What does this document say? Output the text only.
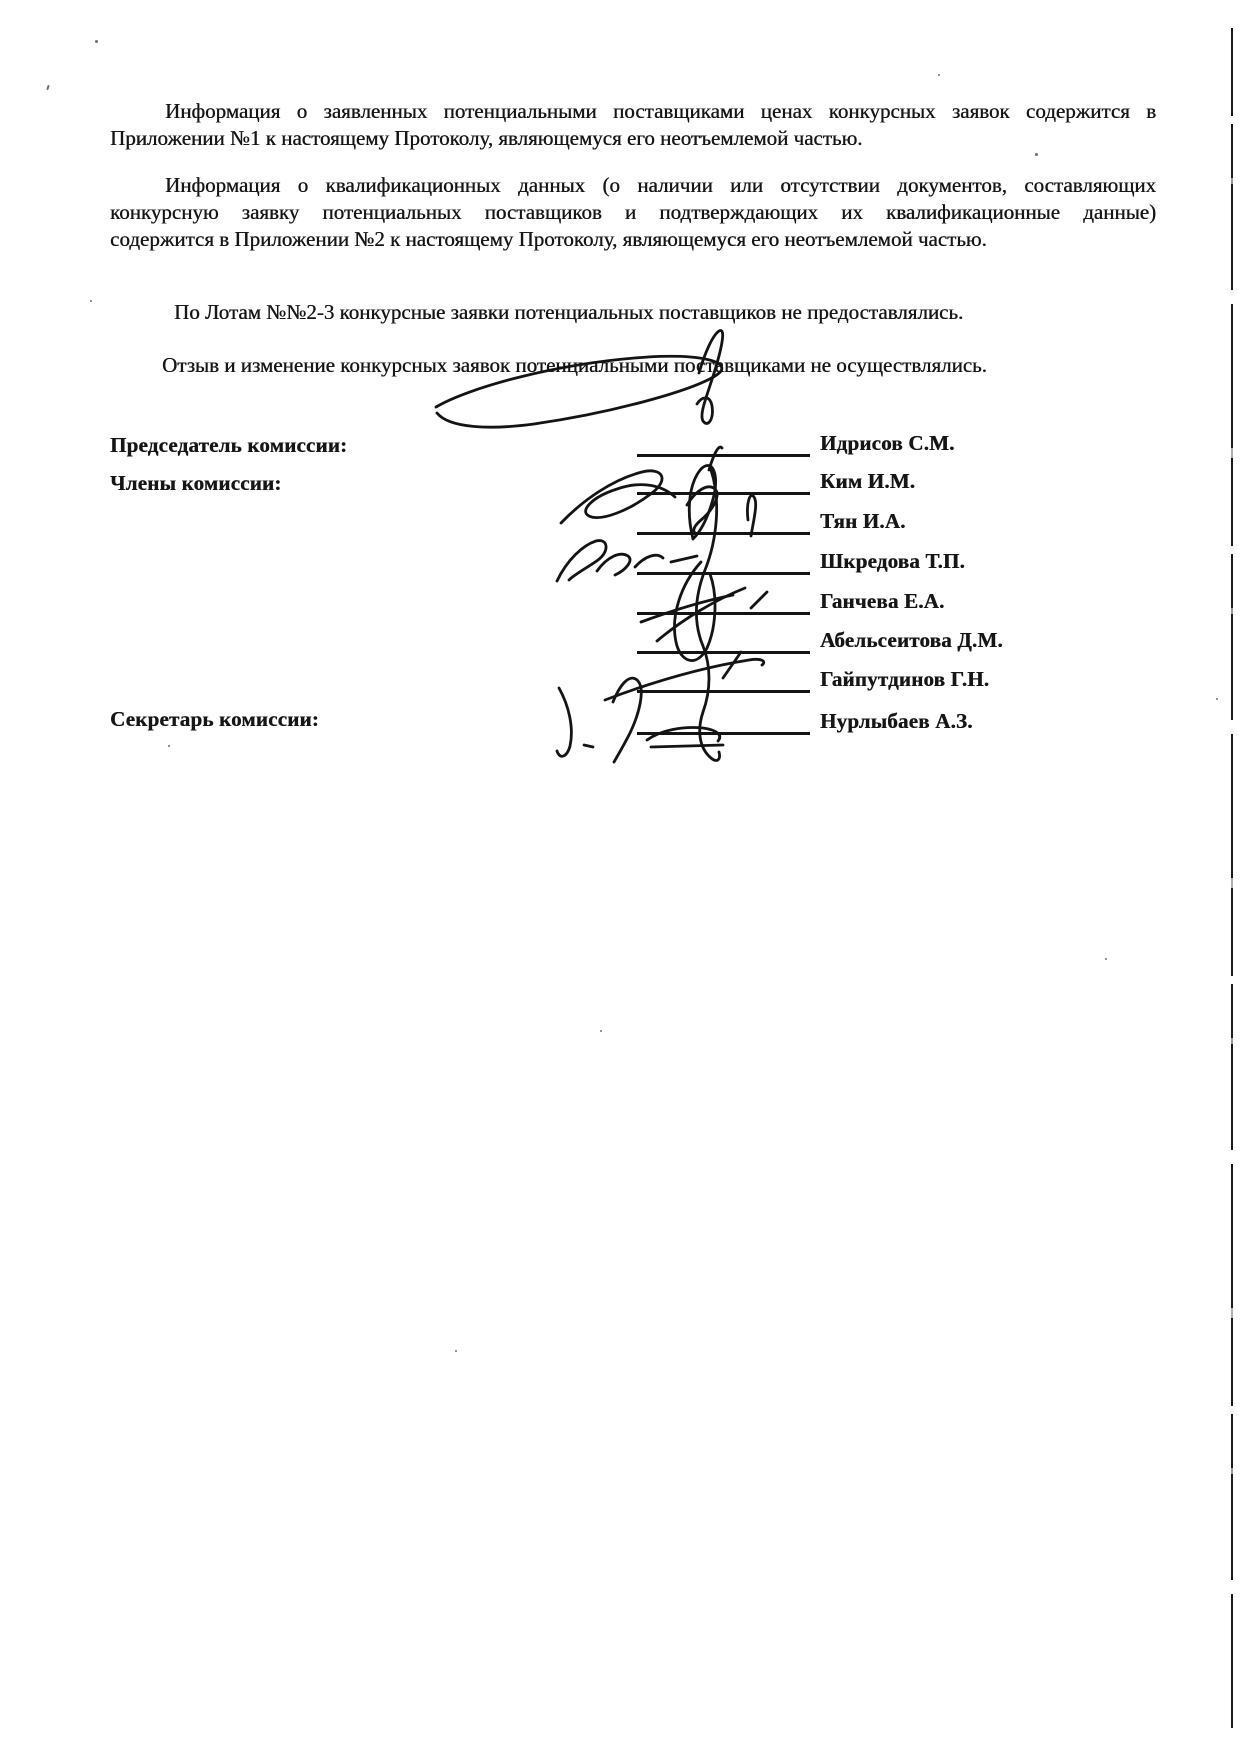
Информация о заявленных потенциальными поставщиками ценах конкурсных заявок содержится в
Приложении №1 к настоящему Протоколу, являющемуся его неотъемлемой частью.
Информация о квалификационных данных (о наличии или отсутствии документов, составляющих
конкурсную заявку потенциальных поставщиков и подтверждающих их квалификационные данные)
содержится в Приложении №2 к настоящему Протоколу, являющемуся его неотъемлемой частью.
По Лотам №№2-3 конкурсные заявки потенциальных поставщиков не предоставлялись.
Отзыв и изменение конкурсных заявок потенциальными поставщиками не осуществлялись.
Председатель комиссии:
Члены комиссии:
Секретарь комиссии:
Идрисов С.М.
Ким И.М.
Тян И.А.
Шкредова Т.П.
Ганчева Е.А.
Абельсеитова Д.М.
Гайпутдинов Г.Н.
Нурлыбаев А.З.
